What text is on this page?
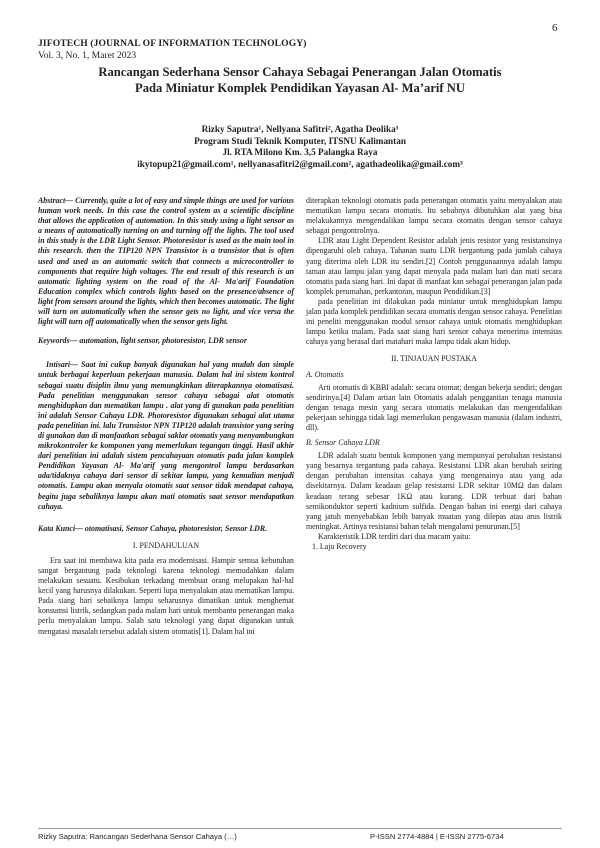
6
JIFOTECH (JOURNAL OF INFORMATION TECHNOLOGY)
Vol. 3, No. 1, Maret 2023
Rancangan Sederhana Sensor Cahaya Sebagai Penerangan Jalan Otomatis
Pada Miniatur Komplek Pendidikan Yayasan Al- Ma’arif NU
Rizky Saputra¹, Nellyana Safitri², Agatha Deolika³
Program Studi Teknik Komputer, ITSNU Kalimantan
Jl. RTA Milono Km. 3,5 Palangka Raya
ikytopup21@gmail.com¹, nellyanasafitri2@gmail.com², agathadeolika@gmail.com³

Abstract— Currently, quite a lot of easy and simple things are used for various human work needs. In this case the control system as a scientific discipline that allows the application of automation. In this study using a light sensor as a means of automatically turning on and turning off the lights. The tool used in this study is the LDR Light Sensor. Photoresistor is used as the main tool in this research. then the TIP120 NPN Transistor is a transistor that is often used and used as an automatic switch that connects a microcontroller to components that require high voltages. The end result of this research is an automatic lighting system on the road of the Al- Ma'arif Foundation Education complex which controls lights based on the presence/absence of light from sensors around the lights, which then becomes automatic. The light will turn on automatically when the sensor gets no light, and vice versa the light will turn off automatically when the sensor gets light.

Keywords— automation, light sensor, photoresistor, LDR sensor

Intisari— Saat ini cukup banyak digunakan hal yang mudah dan simple untuk berbagai keperluan pekerjaan manusia. Dalam hal ini sistem kontrol sebagai suatu disiplin ilmu yang memungkinkan diterapkannya otomatisasi. Pada penelitian menggunakan sensor cahaya sebagai alat otomatis menghidupkan dan mematikan lampu . alat yang di gunakan pada penelitian ini adalah Sensor Cahaya LDR. Photoresistor digunakan sebagai alat utama pada penelitian ini. lalu Transistor NPN TIP120 adalah transistor yang sering di gunakan dan di manfaatkan sebagai saklar otomatis yang menyambungkan mikrokontroler ke komponen yang memerlukan tegangan tinggi. Hasil akhir dari penelitian ini adalah sistem pencahayaan otomatis pada jalan komplek Pendidikan Yayasan Al- Ma'arif yang mengontrol lampu berdasarkan ada/tidaknya cahaya dari sensor di sekitar lampu, yang kemudian menjadi otomatis. Lampu akan menyala otomatis saat sensor tidak mendapat cahaya, begitu juga sebaliknya lampu akan mati otomatis saat sensor mendapatkan cahaya.

Kata Kunci— otomatisasi, Sensor Cahaya, photoresistor, Sensor LDR.

I. PENDAHULUAN

Era saat ini membawa kita pada era modernisasi. Hampir semua kebutuhan sangat bergantung pada teknologi karena teknologi memudahkan dalam melakukan sesuatu. Kesibukan terkadang membuat orang melupakan hal-hal kecil yang harusnya dilakukan. Seperti lupa menyalakan atau mematikan lampu. Pada siang hari sebaiknya lampu seharusnya dimatikan untuk menghemat konsumsi listrik, sedangkan pada malam hari untuk membantu penerangan maka perlu menyalakan lampu. Salah satu teknologi yang dapat digunakan untuk mengatasi masalah tersebut adalah sistem otomatis[1]. Dalam hal ini

diterapkan teknologi otomatis pada penerangan otomatis yaitu menyalakan atau mematikan lampu secara otomatis. Itu sebabnya dibutuhkan alat yang bisa melakukannya mengendalikan lampu secara otomatis dengan sensor cahaya sebagai pengontrolnya.

LDR atau Light Dependent Resistor adalah jenis resistor yang resistansinya dipengaruhi oleh cahaya. Tahanan suatu LDR bergantung pada jumlah cahaya yang diterima oleh LDR itu sendiri.[2] Contoh penggunaannya adalah lampu taman atau lampu jalan yang dapat menyala pada malam hari dan mati secara otomatis pada siang hari. Ini dapat di manfaat kan sebagai penerangan jalan pada komplek perumahan, perkantoran, maupun Pendidikan.[3]

pada penelitian ini dilakukan pada miniatur untuk menghidupkan lampu jalan pada komplek pendidikan secara otomatis dengan sensor cahaya. Penelitian ini peneliti menggunakan modul sensor cahaya untuk otomatis menghidupkan lampu ketika malam. Pada saat siang hari sensor cahaya menerima intensitas cahaya yang berasal dari matahari maka lampu tidak akan hidup.

II. TINJAUAN PUSTAKA

A. Otomatis

Arti otomatis di KBBI adalah: secara otomat; dengan bekerja sendiri; dengan sendirinya.[4] Dalam artian lain Otomatis adalah penggantian tenaga manusia dengan tenaga mesin yang secara otomatis melakukan dan mengendalikan pekerjaan sehingga tidak lagi memerlukan pengawasan manusia (dalam industri, dll).

B. Sensor Cahaya LDR

LDR adalah suatu bentuk komponen yang mempunyai perubahan resistansi yang besarnya tergantung pada cahaya. Resistansi LDR akan berubah seiring dengan perubahan intensitas cahaya yang mengenainya atau yang ada disekitarnya. Dalam keadaan gelap resistansi LDR sekitar 10MΩ dan dalam keadaan terang sebesar 1KΩ atau kurang. LDR terbuat dari bahan semikonduktor seperti kadnium sulfida. Dengan bahan ini energi dari cahaya yang jatuh menyebabkan lebih banyak muatan yang dilepas atau arus listrik meningkat. Artinya resistansi bahan telah mengalami penurunan.[5]

Karakteristik LDR terdiri dari dua macam yaitu:

1. Laju Recovery

Rizky Saputra: Rancangan Sederhana Sensor Cahaya (…)	P-ISSN 2774-4884 | E-ISSN 2775-6734
